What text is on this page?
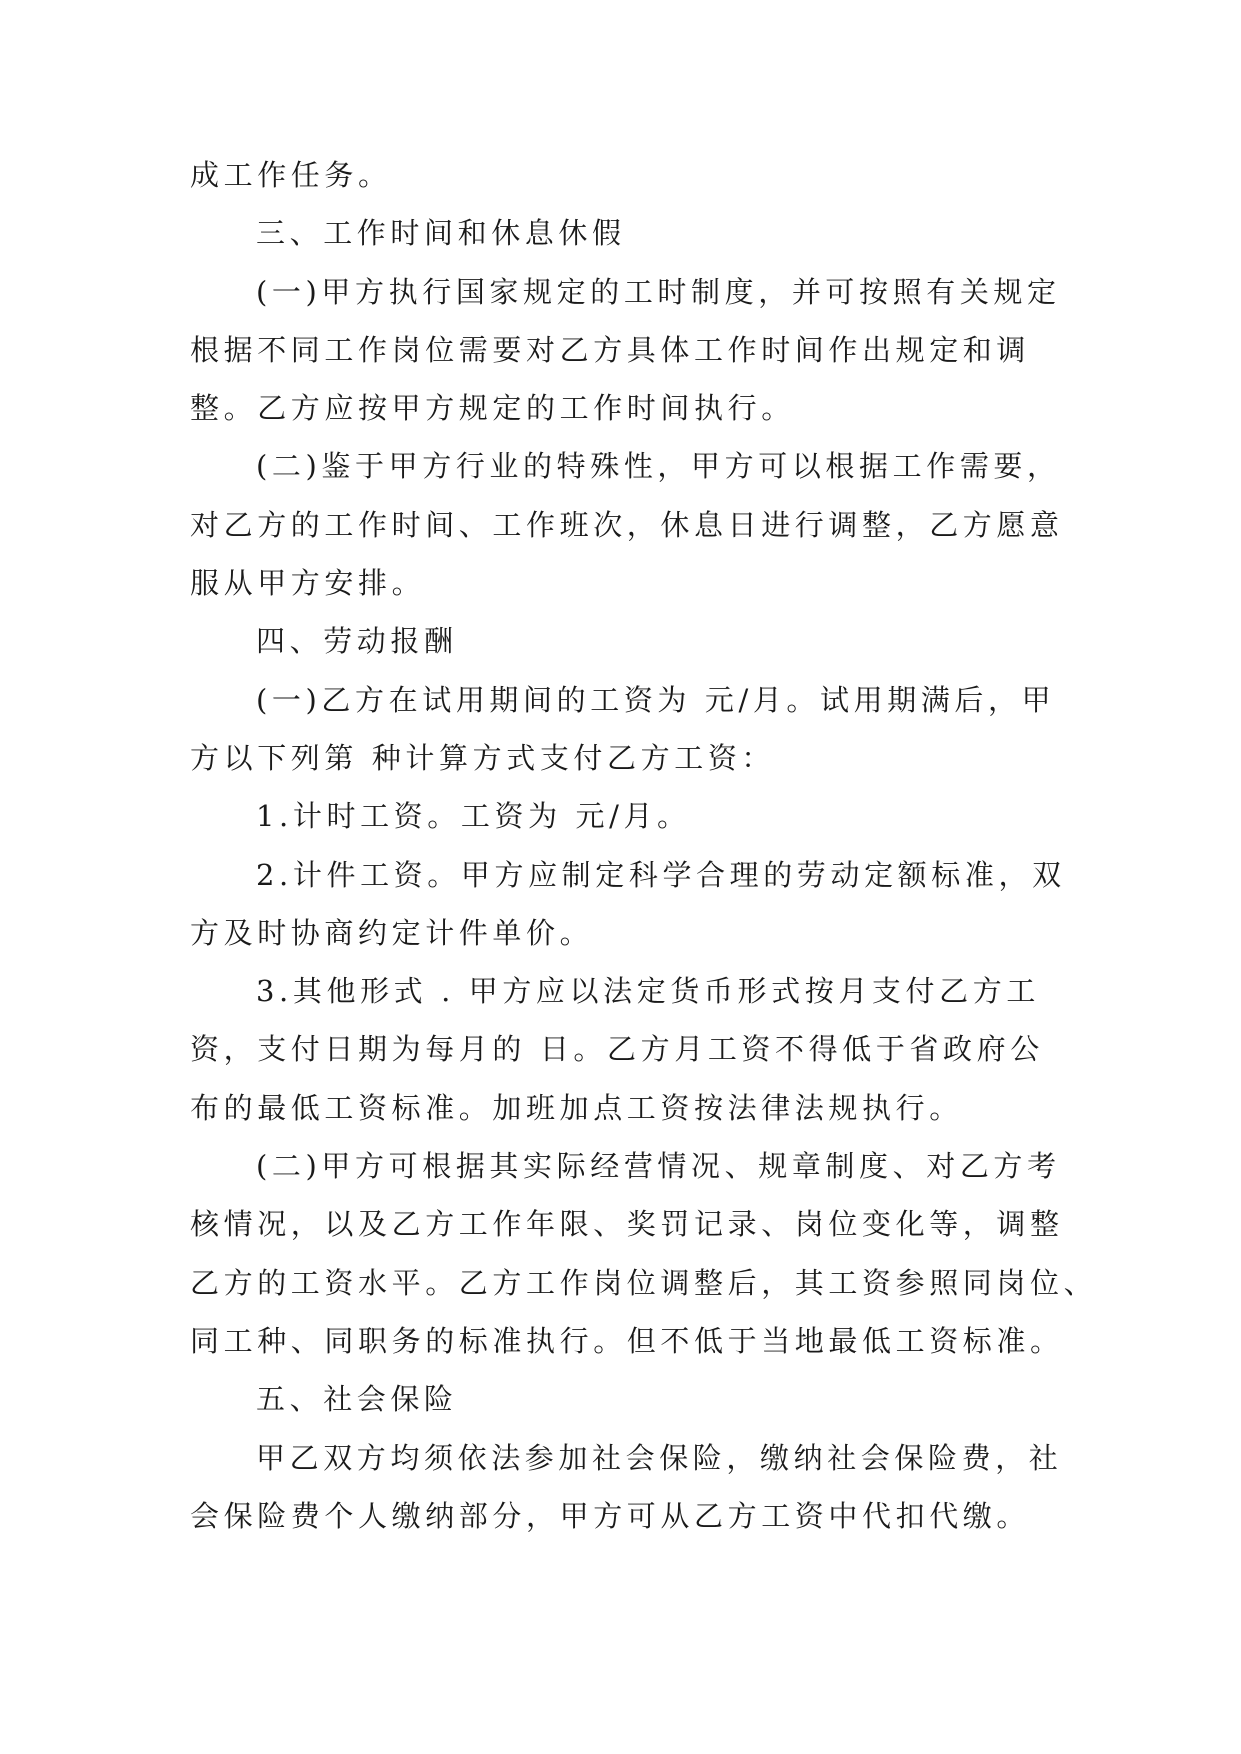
成工作任务。
三、工作时间和休息休假
(一)甲方执行国家规定的工时制度，并可按照有关规定
根据不同工作岗位需要对乙方具体工作时间作出规定和调
整。乙方应按甲方规定的工作时间执行。
(二)鉴于甲方行业的特殊性，甲方可以根据工作需要，
对乙方的工作时间、工作班次，休息日进行调整，乙方愿意
服从甲方安排。
四、劳动报酬
(一)乙方在试用期间的工资为 元/月。试用期满后，甲
方以下列第 种计算方式支付乙方工资：
1.计时工资。工资为 元/月。
2.计件工资。甲方应制定科学合理的劳动定额标准，双
方及时协商约定计件单价。
3.其他形式 . 甲方应以法定货币形式按月支付乙方工
资，支付日期为每月的 日。乙方月工资不得低于省政府公
布的最低工资标准。加班加点工资按法律法规执行。
(二)甲方可根据其实际经营情况、规章制度、对乙方考
核情况，以及乙方工作年限、奖罚记录、岗位变化等，调整
乙方的工资水平。乙方工作岗位调整后，其工资参照同岗位、
同工种、同职务的标准执行。但不低于当地最低工资标准。
五、社会保险
甲乙双方均须依法参加社会保险，缴纳社会保险费，社
会保险费个人缴纳部分，甲方可从乙方工资中代扣代缴。
